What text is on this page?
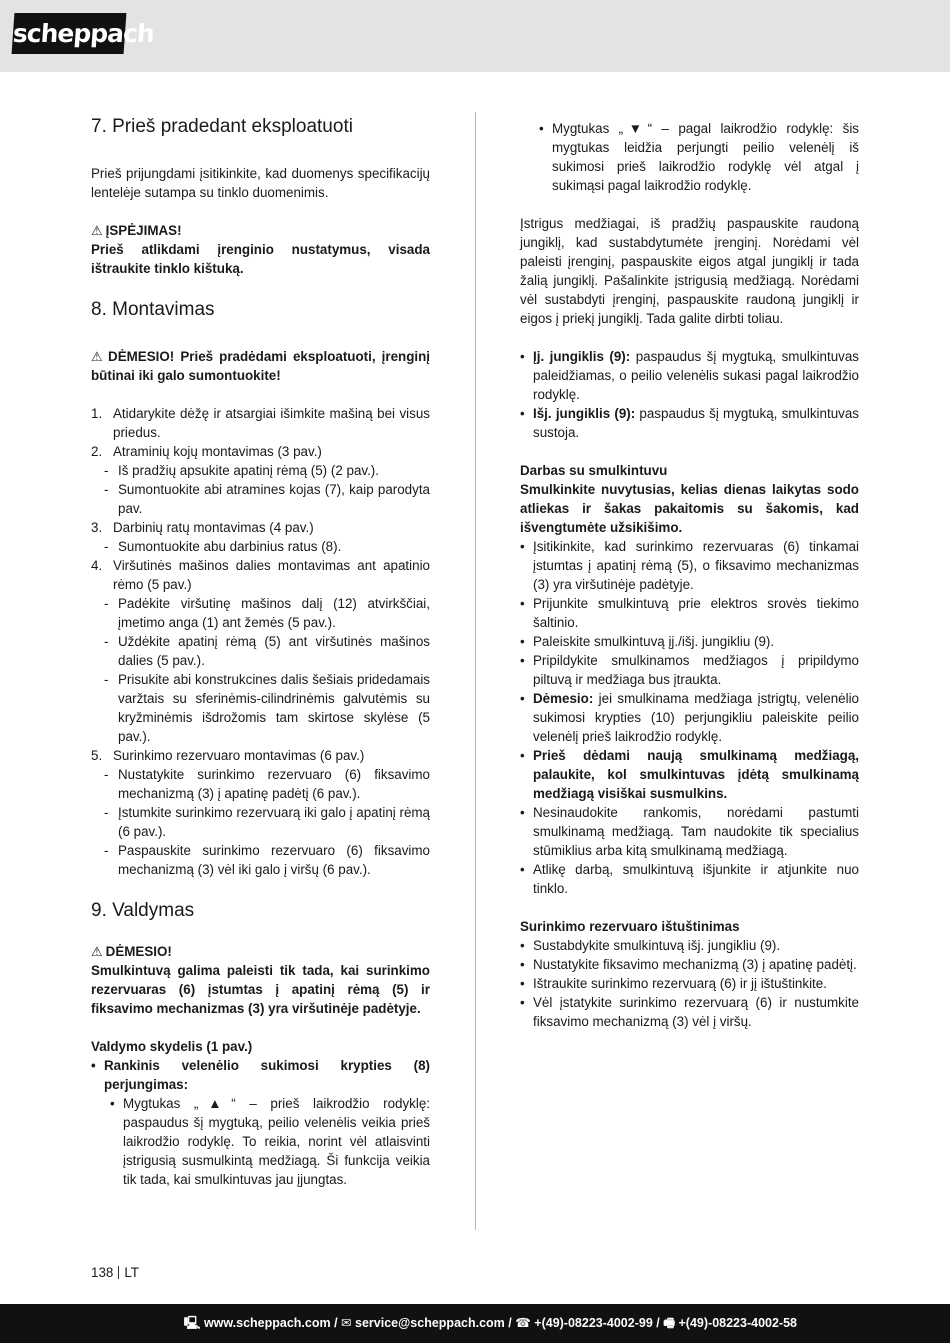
scheppach
7. Prieš pradedant eksploatuoti

Prieš prijungdami įsitikinkite, kad duomenys specifikacijų lentelėje sutampa su tinklo duomenimis.

⚠ ĮSPĖJIMAS!

Prieš atlikdami įrenginio nustatymus, visada ištraukite tinklo kištuką.

8. Montavimas

⚠ DĖMESIO! Prieš pradėdami eksploatuoti, įrenginį būtinai iki galo sumontuokite!

1. Atidarykite dėžę ir atsargiai išimkite mašiną bei visus priedus.
2. Atraminių kojų montavimas (3 pav.)
- Iš pradžių apsukite apatinį rėmą (5) (2 pav.).
- Sumontuokite abi atramines kojas (7), kaip parodyta pav.
3. Darbinių ratų montavimas (4 pav.)
- Sumontuokite abu darbinius ratus (8).
4. Viršutinės mašinos dalies montavimas ant apatinio rėmo (5 pav.)
- Padėkite viršutinę mašinos dalį (12) atvirkščiai, įmetimo anga (1) ant žemės (5 pav.).
- Uždėkite apatinį rėmą (5) ant viršutinės mašinos dalies (5 pav.).
- Prisukite abi konstrukcines dalis šešiais pridedamais varžtais su sferinėmis-cilindrinėmis galvutėmis su kryžminėmis išdrožomis tam skirtose skylėse (5 pav.).
5. Surinkimo rezervuaro montavimas (6 pav.)
- Nustatykite surinkimo rezervuaro (6) fiksavimo mechanizmą (3) į apatinę padėtį (6 pav.).
- Įstumkite surinkimo rezervuarą iki galo į apatinį rėmą (6 pav.).
- Paspauskite surinkimo rezervuaro (6) fiksavimo mechanizmą (3) vėl iki galo į viršų (6 pav.).
9. Valdymas

⚠ DĖMESIO!

Smulkintuvą galima paleisti tik tada, kai surinkimo rezervuaras (6) įstumtas į apatinį rėmą (5) ir fiksavimo mechanizmas (3) yra viršutinėje padėtyje.

Valdymo skydelis (1 pav.)

• Rankinis velenėlio sukimosi krypties (8) perjungimas:

• Mygtukas „▲“ – prieš laikrodžio rodyklę: paspaudus šį mygtuką, peilio velenėlis veikia prieš laikrodžio rodyklę. To reikia, norint vėl atlaisvinti įstrigusią susmulkintą medžiagą. Ši funkcija veikia tik tada, kai smulkintuvas jau įjungtas.

• Mygtukas „▼“ – pagal laikrodžio rodyklę: šis mygtukas leidžia perjungti peilio velenėlį iš sukimosi prieš laikrodžio rodyklę vėl atgal į sukimąsi pagal laikrodžio rodyklę.

Įstrigus medžiagai, iš pradžių paspauskite raudoną jungiklį, kad sustabdytumėte įrenginį. Norėdami vėl paleisti įrenginį, paspauskite eigos atgal jungiklį ir tada žalią jungiklį. Pašalinkite įstrigusią medžiagą. Norėdami vėl sustabdyti įrenginį, paspauskite raudoną jungiklį ir eigos į priekį jungiklį. Tada galite dirbti toliau.

• Įj. jungiklis (9): paspaudus šį mygtuką, smulkintuvas paleidžiamas, o peilio velenėlis sukasi pagal laikrodžio rodyklę.

• Išj. jungiklis (9): paspaudus šį mygtuką, smulkintuvas sustoja.

Darbas su smulkintuvu

Smulkinkite nuvytusias, kelias dienas laikytas sodo atliekas ir šakas pakaitomis su šakomis, kad išvengtumėte užsikišimo.

• Įsitikinkite, kad surinkimo rezervuaras (6) tinkamai įstumtas į apatinį rėmą (5), o fiksavimo mechanizmas (3) yra viršutinėje padėtyje.
• Prijunkite smulkintuvą prie elektros srovės tiekimo šaltinio.
• Paleiskite smulkintuvą įj./išj. jungikliu (9).
• Pripildykite smulkinamos medžiagos į pripildymo piltuvą ir medžiaga bus įtraukta.
• Dėmesio: jei smulkinama medžiaga įstrigtų, velenėlio sukimosi krypties (10) perjungikliu paleiskite peilio velenėlį prieš laikrodžio rodyklę.
• Prieš dėdami naują smulkinamą medžiagą, palaukite, kol smulkintuvas įdėtą smulkinamą medžiagą visiškai susmulkins.
• Nesinaudokite rankomis, norėdami pastumti smulkinamą medžiagą. Tam naudokite tik specialius stūmiklius arba kitą smulkinamą medžiagą.
• Atlikę darbą, smulkintuvą išjunkite ir atjunkite nuo tinklo.

Surinkimo rezervuaro ištuštinimas

• Sustabdykite smulkintuvą išj. jungikliu (9).
• Nustatykite fiksavimo mechanizmą (3) į apatinę padėtį.
• Ištraukite surinkimo rezervuarą (6) ir jį ištuštinkite.
• Vėl įstatykite surinkimo rezervuarą (6) ir nustumkite fiksavimo mechanizmą (3) vėl į viršų.
138 LT
🖳 www.scheppach.com / ✉ service@scheppach.com / ☎ +(49)-08223-4002-99 / 🖷 +(49)-08223-4002-58
